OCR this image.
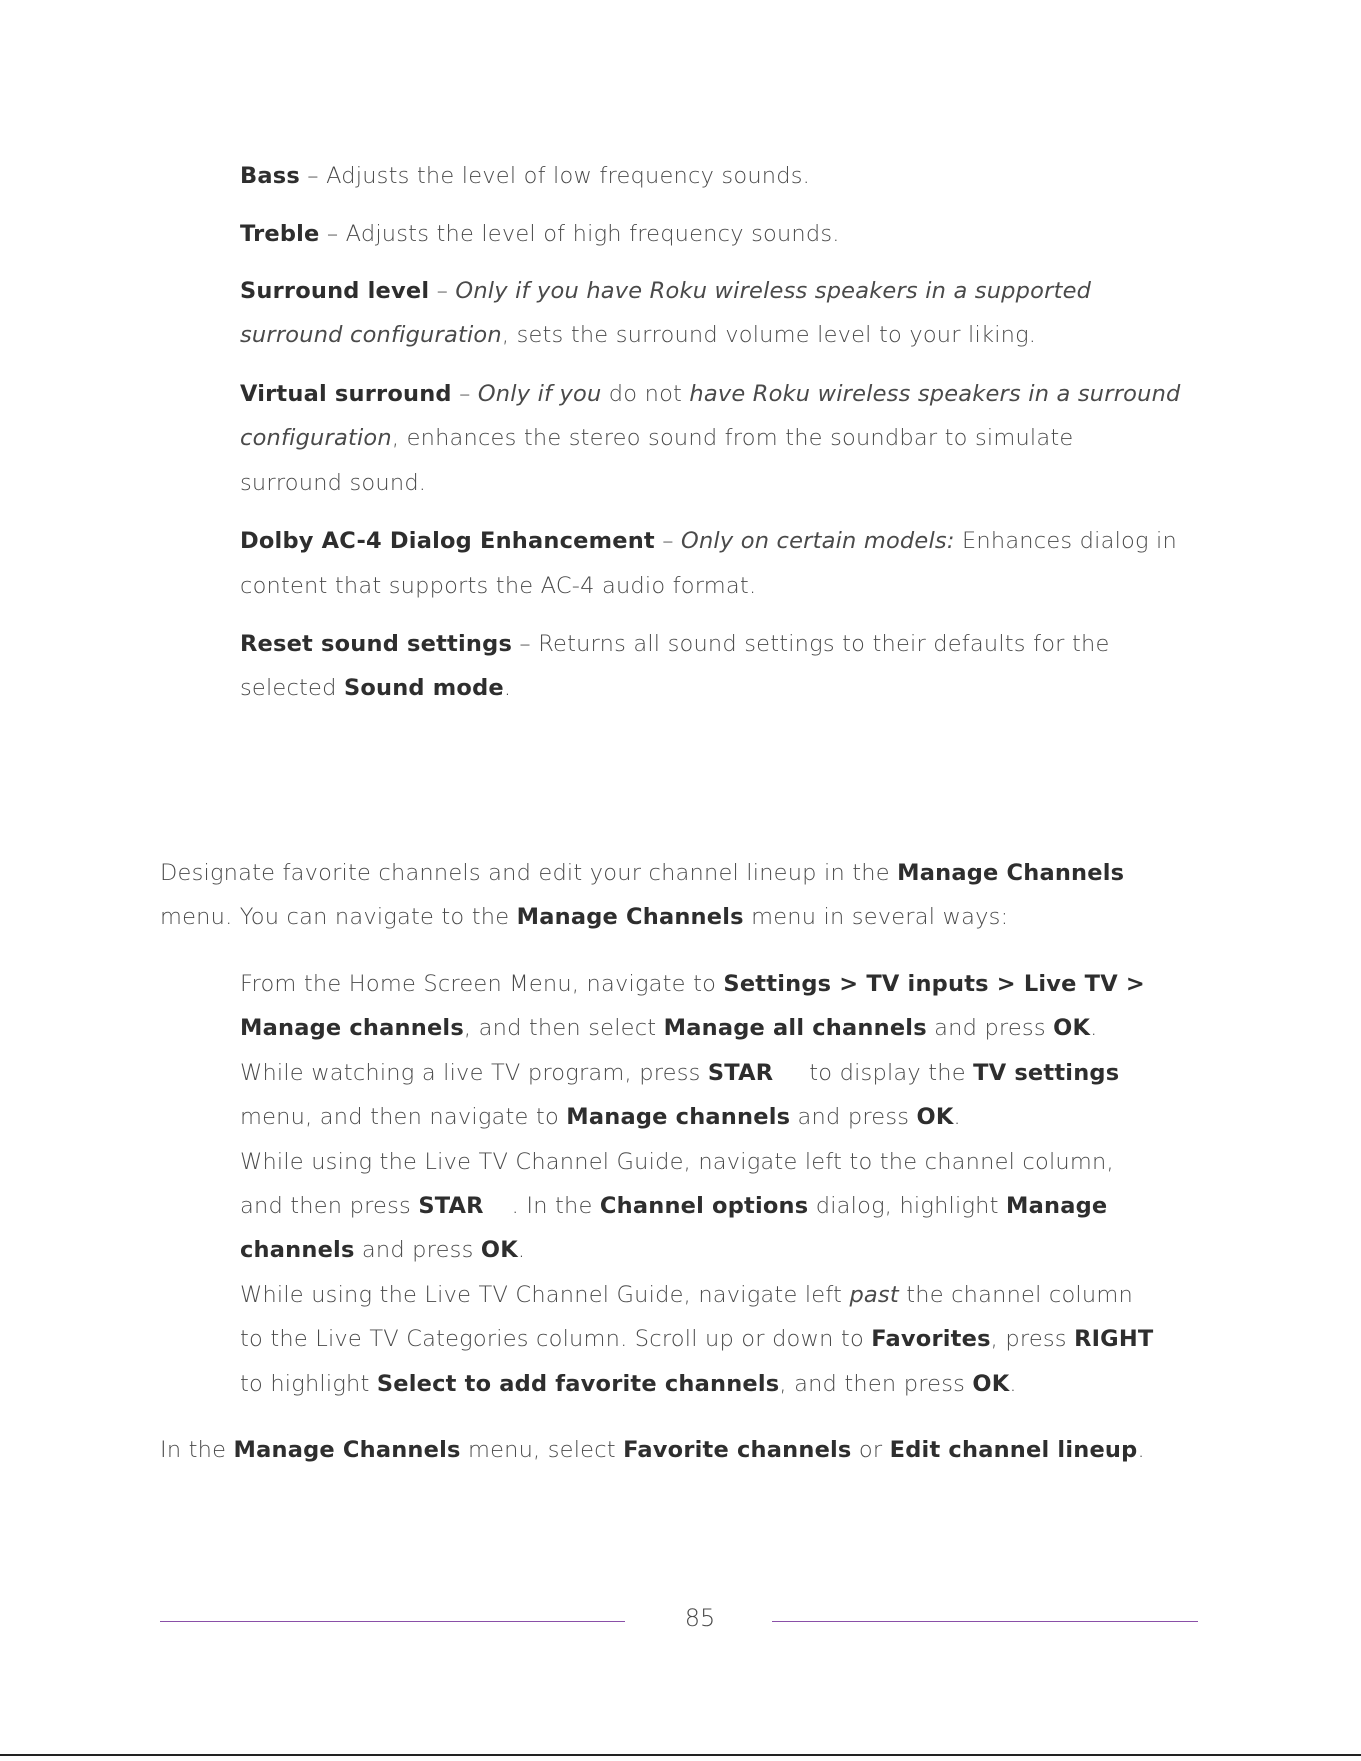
Bass – Adjusts the level of low frequency sounds.
Treble – Adjusts the level of high frequency sounds.
Surround level – Only if you have Roku wireless speakers in a supported
surround configuration, sets the surround volume level to your liking.
Virtual surround – Only if you do not have Roku wireless speakers in a surround
configuration, enhances the stereo sound from the soundbar to simulate
surround sound.
Dolby AC-4 Dialog Enhancement – Only on certain models: Enhances dialog in
content that supports the AC-4 audio format.
Reset sound settings – Returns all sound settings to their defaults for the
selected Sound mode.
Designate favorite channels and edit your channel lineup in the Manage Channels
menu. You can navigate to the Manage Channels menu in several ways:
From the Home Screen Menu, navigate to Settings > TV inputs > Live TV >
Manage channels, and then select Manage all channels and press OK.
While watching a live TV program, press STAR to display the TV settings
menu, and then navigate to Manage channels and press OK.
While using the Live TV Channel Guide, navigate left to the channel column,
and then press STAR . In the Channel options dialog, highlight Manage
channels and press OK.
While using the Live TV Channel Guide, navigate left past the channel column
to the Live TV Categories column. Scroll up or down to Favorites, press RIGHT
to highlight Select to add favorite channels, and then press OK.
In the Manage Channels menu, select Favorite channels or Edit channel lineup.
85
